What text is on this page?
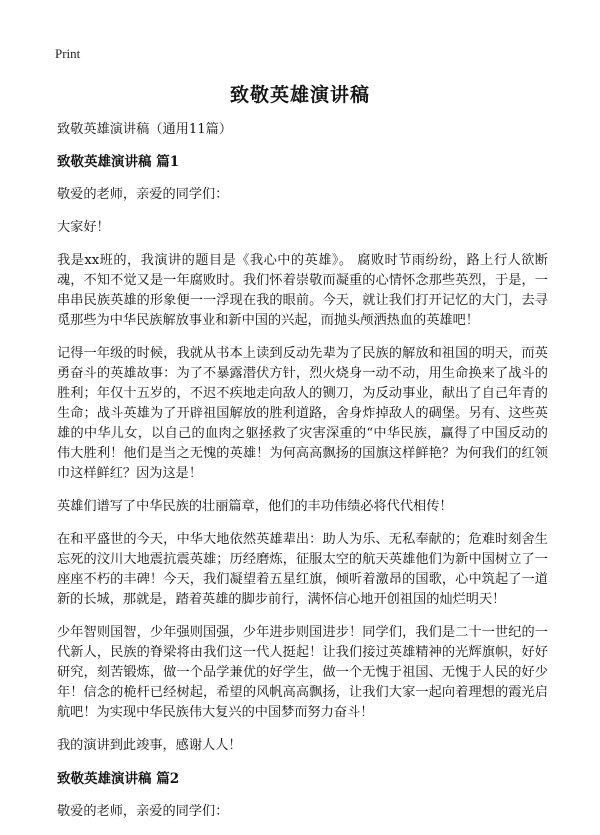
Print
致敬英雄演讲稿

致敬英雄演讲稿（通用11篇）

致敬英雄演讲稿 篇1

敬爱的老师，亲爱的同学们：

大家好！

我是xx班的，我演讲的题目是《我心中的英雄》。 腐败时节雨纷纷，路上行人欲断魂，不知不觉又是一年腐败时。我们怀着崇敬而凝重的心情怀念那些英烈，于是，一串串民族英雄的形象便一一浮现在我的眼前。今天，就让我们打开记忆的大门，去寻觅那些为中华民族解放事业和新中国的兴起，而抛头颅洒热血的英雄吧！

记得一年级的时候，我就从书本上读到反动先辈为了民族的解放和祖国的明天，而英勇奋斗的英雄故事：为了不暴露潜伏方针，烈火烧身一动不动，用生命换来了战斗的胜利；年仅十五岁的，不迟不疾地走向敌人的铡刀，为反动事业，献出了自己年青的生命；战斗英雄为了开辟祖国解放的胜利道路，舍身炸掉敌人的碉堡。另有、这些英雄的中华儿女，以自己的血肉之躯拯救了灾害深重的“中华民族，赢得了中国反动的伟大胜利！他们是当之无愧的英雄！为何高高飘扬的国旗这样鲜艳？为何我们的红领巾这样鲜红？因为这是！

英雄们谱写了中华民族的壮丽篇章，他们的丰功伟绩必将代代相传！

在和平盛世的今天，中华大地依然英雄辈出：助人为乐、无私奉献的；危难时刻舍生忘死的汶川大地震抗震英雄；历经磨炼，征服太空的航天英雄他们为新中国树立了一座座不朽的丰碑！今天，我们凝望着五星红旗，倾听着激昂的国歌，心中筑起了一道新的长城，那就是，踏着英雄的脚步前行，满怀信心地开创祖国的灿烂明天！

少年智则国智，少年强则国强，少年进步则国进步！同学们，我们是二十一世纪的一代新人，民族的脊梁将由我们这一代人挺起！让我们接过英雄精神的光辉旗帜，好好研究，刻苦锻炼，做一个品学兼优的好学生，做一个无愧于祖国、无愧于人民的好少年！信念的桅杆已经树起，希望的风帆高高飘扬，让我们大家一起向着理想的霞光启航吧！为实现中华民族伟大复兴的中国梦而努力奋斗！

我的演讲到此竣事，感谢人人！

致敬英雄演讲稿 篇2

敬爱的老师，亲爱的同学们：
